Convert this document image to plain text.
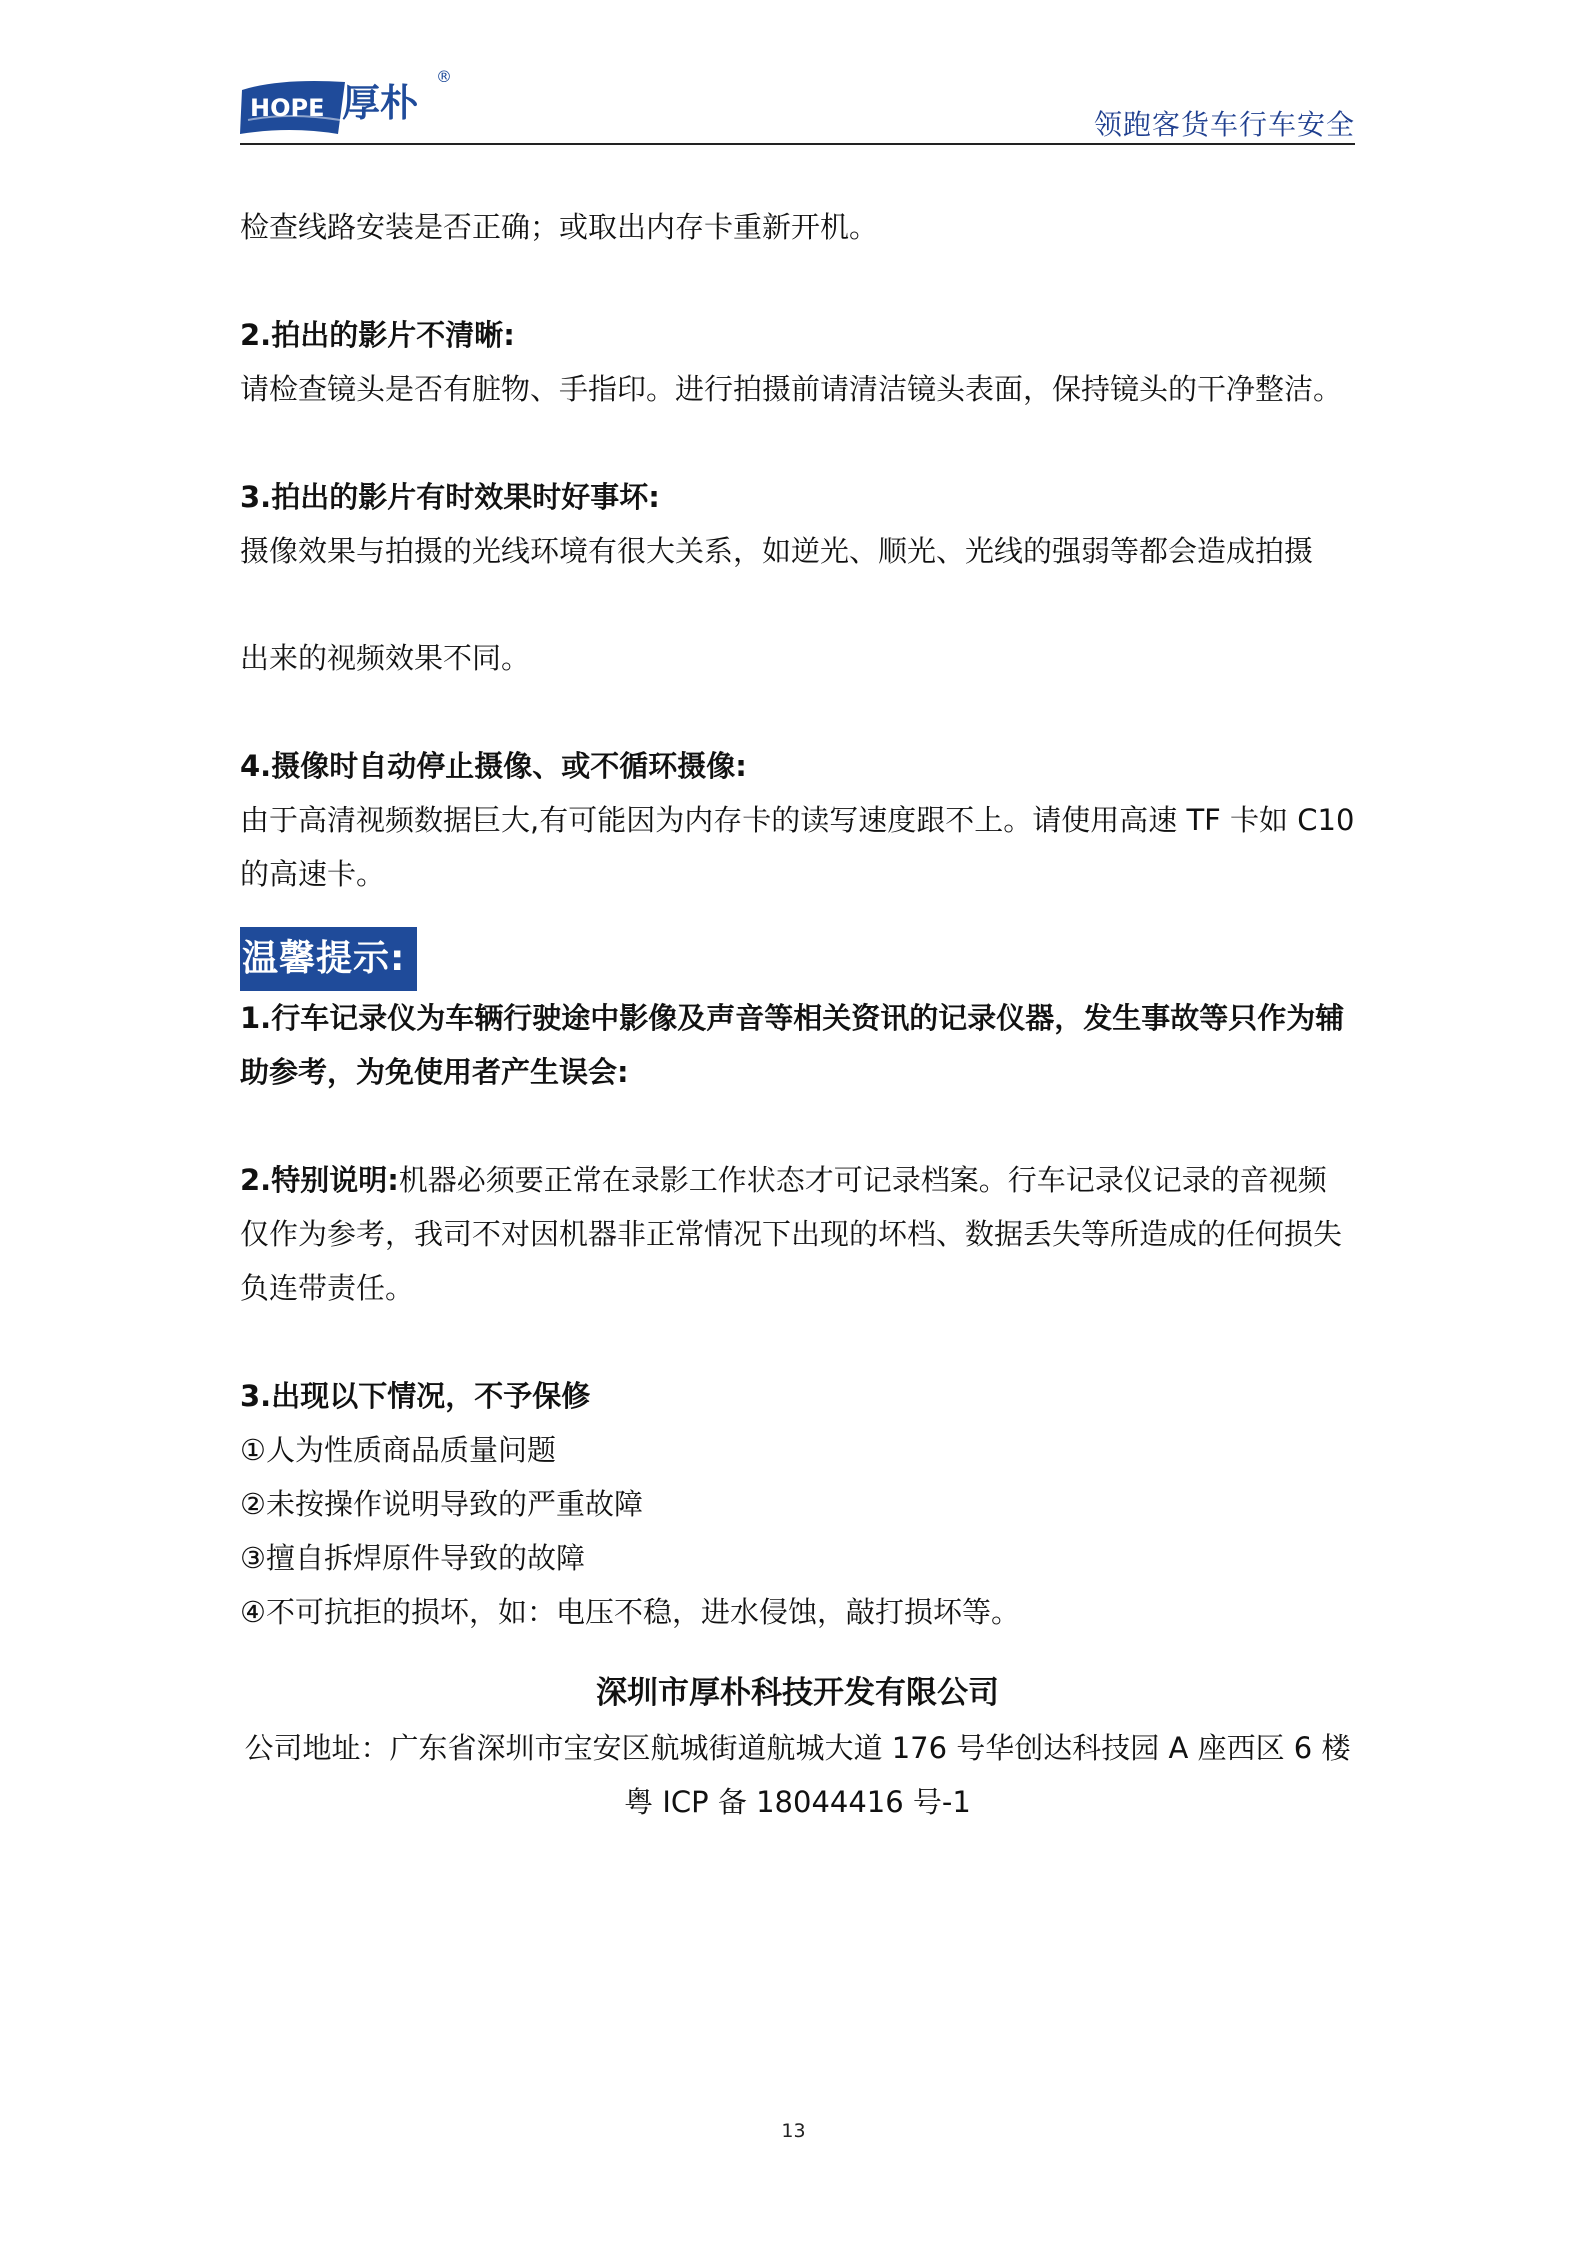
HOPE 厚朴
®
领跑客货车行车安全

检查线路安装是否正确；或取出内存卡重新开机。

2.拍出的影片不清晰:

请检查镜头是否有脏物、手指印。进行拍摄前请清洁镜头表面，保持镜头的干净整洁。

3.拍出的影片有时效果时好事坏:

摄像效果与拍摄的光线环境有很大关系，如逆光、顺光、光线的强弱等都会造成拍摄

出来的视频效果不同。

4.摄像时自动停止摄像、或不循环摄像:

由于高清视频数据巨大,有可能因为内存卡的读写速度跟不上。请使用高速 TF 卡如 C10

的高速卡。

温馨提示:

1.行车记录仪为车辆行驶途中影像及声音等相关资讯的记录仪器，发生事故等只作为辅

助参考，为免使用者产生误会:

2.特别说明:机器必须要正常在录影工作状态才可记录档案。行车记录仪记录的音视频

仅作为参考，我司不对因机器非正常情况下出现的坏档、数据丢失等所造成的任何损失

负连带责任。

3.出现以下情况，不予保修

①人为性质商品质量问题

②未按操作说明导致的严重故障

③擅自拆焊原件导致的故障

④不可抗拒的损坏，如：电压不稳，进水侵蚀，敲打损坏等。

深圳市厚朴科技开发有限公司

公司地址：广东省深圳市宝安区航城街道航城大道 176 号华创达科技园 A 座西区 6 楼

粤 ICP 备 18044416 号-1

13
